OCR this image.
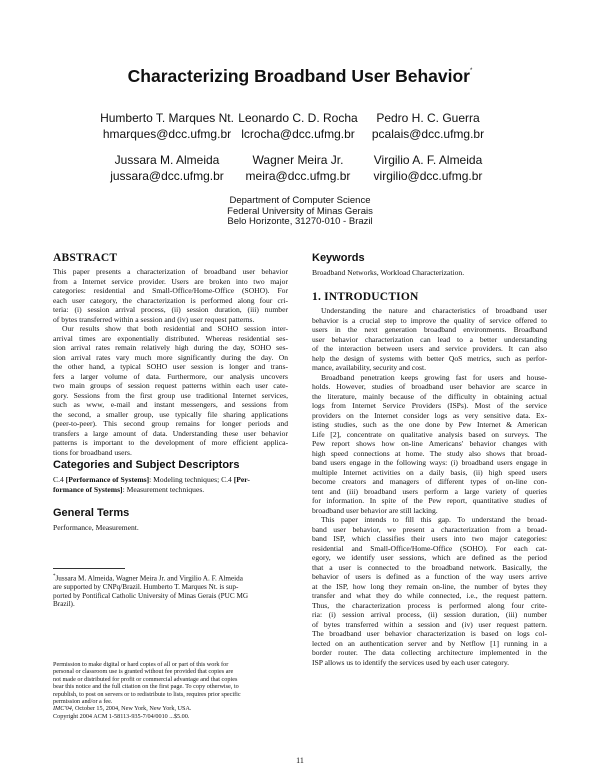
Characterizing Broadband User Behavior*
Humberto T. Marques Nt.
hmarques@dcc.ufmg.br
Leonardo C. D. Rocha
lcrocha@dcc.ufmg.br
Pedro H. C. Guerra
pcalais@dcc.ufmg.br
Jussara M. Almeida
jussara@dcc.ufmg.br
Wagner Meira Jr.
meira@dcc.ufmg.br
Virgilio A. F. Almeida
virgilio@dcc.ufmg.br
Department of Computer Science
Federal University of Minas Gerais
Belo Horizonte, 31270-010 - Brazil
ABSTRACT
This paper presents a characterization of broadband user behavior
from a Internet service provider. Users are broken into two major
categories: residential and Small-Office/Home-Office (SOHO). For
each user category, the characterization is performed along four cri-
teria: (i) session arrival process, (ii) session duration, (iii) number
of bytes transferred within a session and (iv) user request patterns.
Our results show that both residential and SOHO session inter-
arrival times are exponentially distributed. Whereas residential ses-
sion arrival rates remain relatively high during the day, SOHO ses-
sion arrival rates vary much more significantly during the day. On
the other hand, a typical SOHO user session is longer and trans-
fers a larger volume of data. Furthermore, our analysis uncovers
two main groups of session request patterns within each user cate-
gory. Sessions from the first group use traditional Internet services,
such as www, e-mail and instant messengers, and sessions from
the second, a smaller group, use typically file sharing applications
(peer-to-peer). This second group remains for longer periods and
transfers a large amount of data. Understanding these user behavior
patterns is important to the development of more efficient applica-
tions for broadband users.
Categories and Subject Descriptors
C.4 [Performance of Systems]: Modeling techniques; C.4 [Per-
formance of Systems]: Measurement techniques.
General Terms
Performance, Measurement.
*Jussara M. Almeida, Wagner Meira Jr. and Virgilio A. F. Almeida
are supported by CNPq/Brazil. Humberto T. Marques Nt. is sup-
ported by Pontifical Catholic University of Minas Gerais (PUC MG
Brazil).
Permission to make digital or hard copies of all or part of this work for
personal or classroom use is granted without fee provided that copies are
not made or distributed for profit or commercial advantage and that copies
bear this notice and the full citation on the first page. To copy otherwise, to
republish, to post on servers or to redistribute to lists, requires prior specific
permission and/or a fee.
IMC'04, October 15, 2004, New York, New York, USA.
Copyright 2004 ACM 1-58113-935-7/04/0010 ...$5.00.
Keywords
Broadband Networks, Workload Characterization.
1. INTRODUCTION
Understanding the nature and characteristics of broadband user
behavior is a crucial step to improve the quality of service offered to
users in the next generation broadband environments. Broadband
user behavior characterization can lead to a better understanding
of the interaction between users and service providers. It can also
help the design of systems with better QoS metrics, such as perfor-
mance, availability, security and cost.
Broadband penetration keeps growing fast for users and house-
holds. However, studies of broadband user behavior are scarce in
the literature, mainly because of the difficulty in obtaining actual
logs from Internet Service Providers (ISPs). Most of the service
providers on the Internet consider logs as very sensitive data. Ex-
isting studies, such as the one done by Pew Internet & American
Life [2], concentrate on qualitative analysis based on surveys. The
Pew report shows how on-line Americans' behavior changes with
high speed connections at home. The study also shows that broad-
band users engage in the following ways: (i) broadband users engage in
multiple Internet activities on a daily basis, (ii) high speed users
become creators and managers of different types of on-line con-
tent and (iii) broadband users perform a large variety of queries
for information. In spite of the Pew report, quantitative studies of
broadband user behavior are still lacking.
This paper intends to fill this gap. To understand the broad-
band user behavior, we present a characterization from a broad-
band ISP, which classifies their users into two major categories:
residential and Small-Office/Home-Office (SOHO). For each cat-
egory, we identify user sessions, which are defined as the period
that a user is connected to the broadband network. Basically, the
behavior of users is defined as a function of the way users arrive
at the ISP, how long they remain on-line, the number of bytes they
transfer and what they do while connected, i.e., the request pattern.
Thus, the characterization process is performed along four crite-
ria: (i) session arrival process, (ii) session duration, (iii) number
of bytes transferred within a session and (iv) user request pattern.
The broadband user behavior characterization is based on logs col-
lected on an authentication server and by Netflow [1] running in a
border router. The data collecting architecture implemented in the
ISP allows us to identify the services used by each user category.
11
